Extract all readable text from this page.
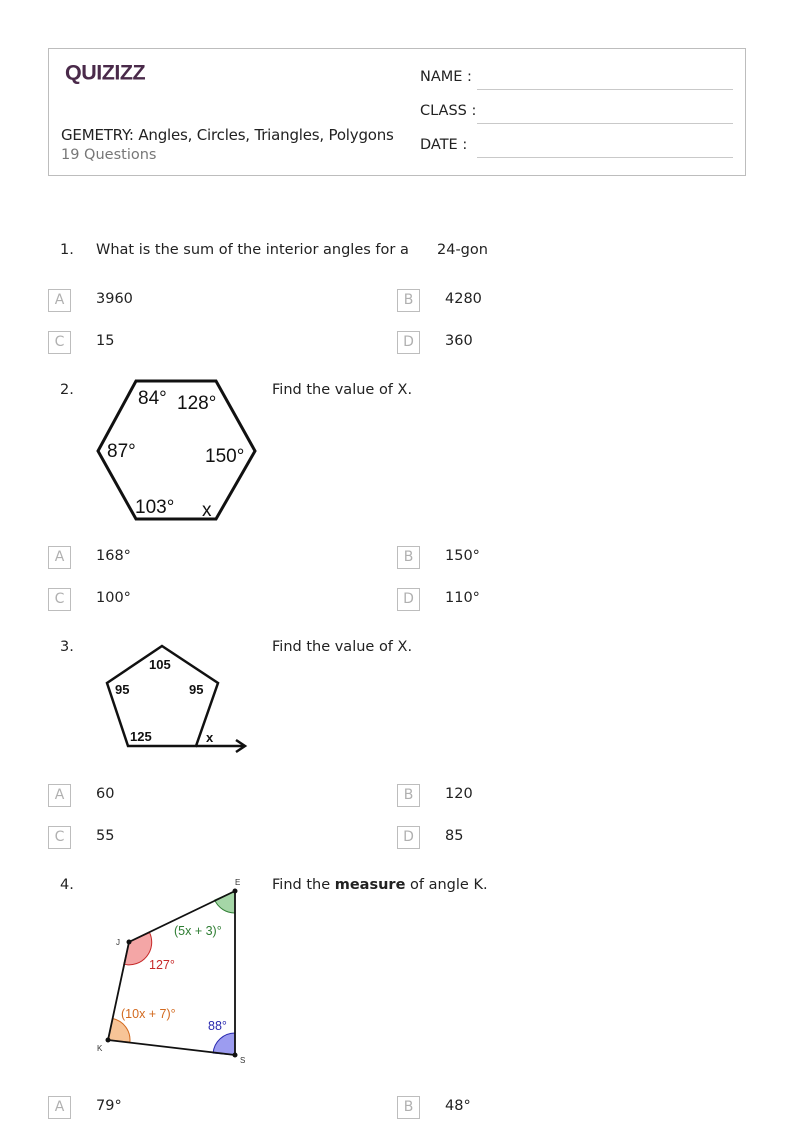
QUIZIZZ
GEMETRY: Angles, Circles, Triangles, Polygons
19 Questions
NAME :
CLASS :
DATE :
1. What is the sum of the interior angles for a 24-gon
A	3960	B	4280
C	15	D	360
2.	84° 128°
87°	150°
103° x
Find the value of X.
A	168°	B	150°
C	100°	D	110°
3.
105
95	95
125	x
Find the value of X.
A	60	B	120
C	55	D	85
4.	E
J
K
S
(5x + 3)°
127°
(10x + 7)°
88°
Find the measure of angle K.
A	79°	B	48°
